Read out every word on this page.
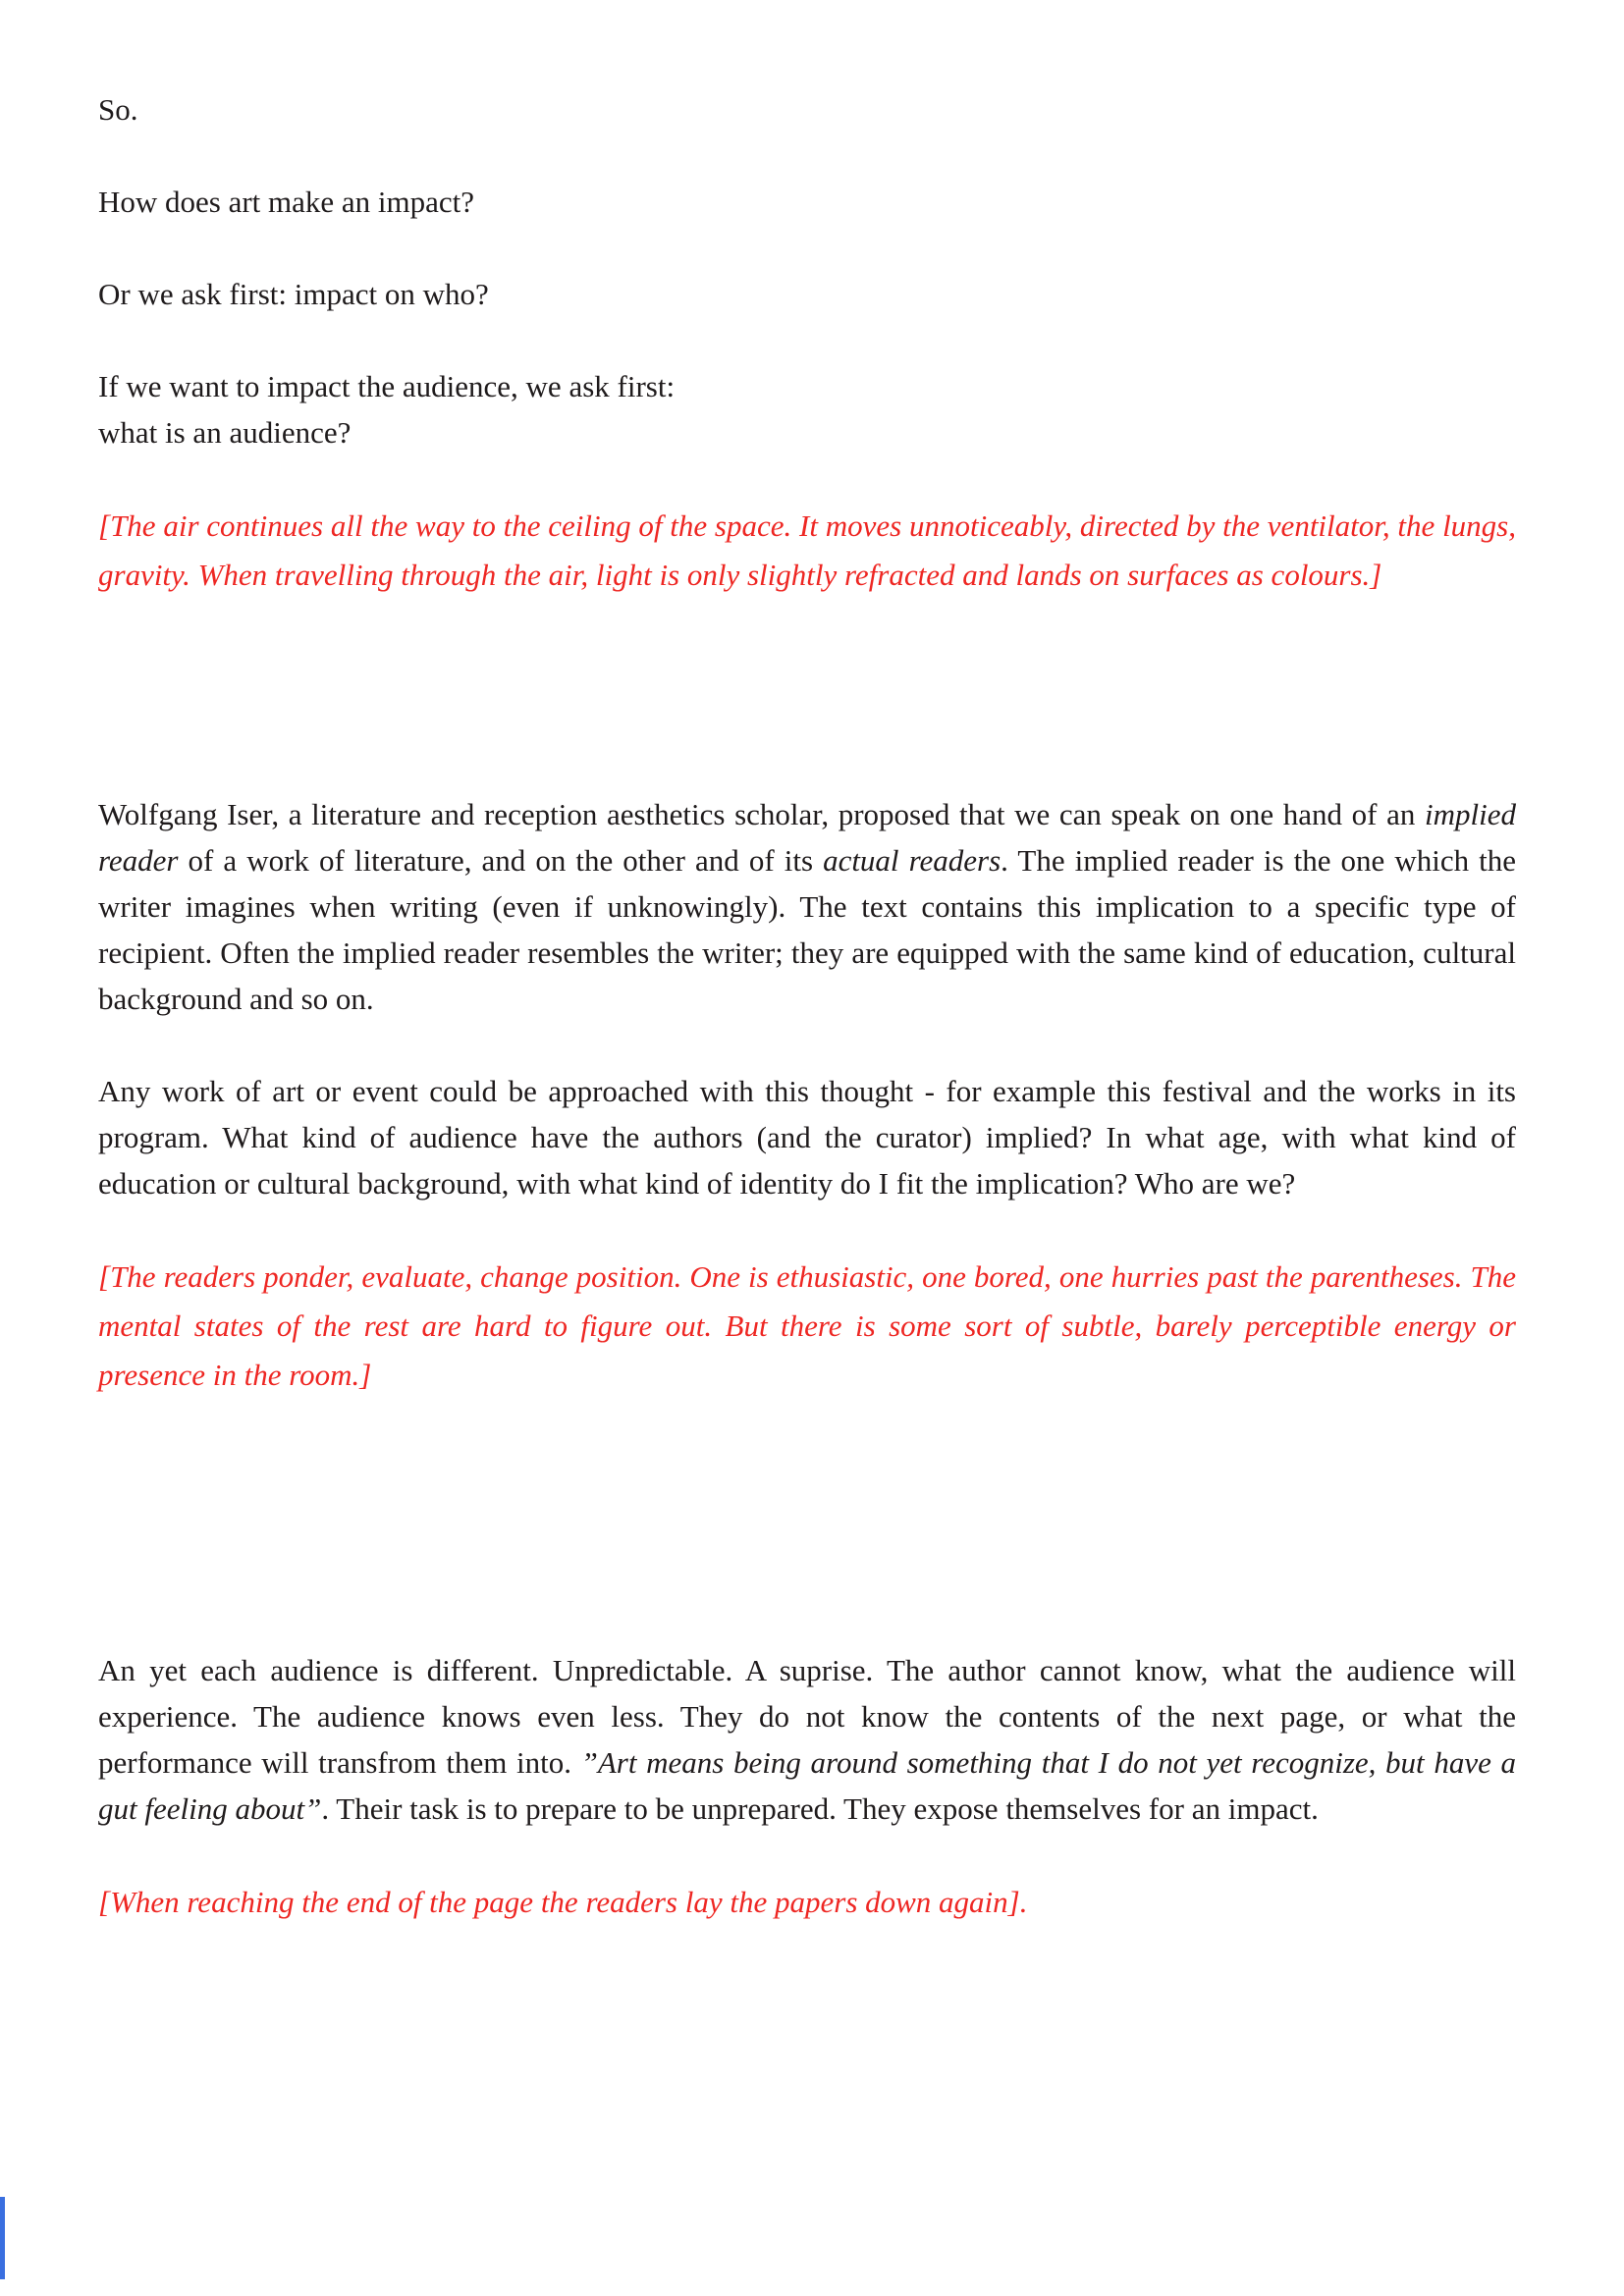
So.

How does art make an impact?

Or we ask first: impact on who?

If we want to impact the audience, we ask first:
what is an audience?

[The air continues all the way to the ceiling of the space. It moves unnoticeably, directed by the ventilator, the lungs, gravity. When travelling through the air, light is only slightly refracted and lands on surfaces as colours.]

Wolfgang Iser, a literature and reception aesthetics scholar, proposed that we can speak on one hand of an implied reader of a work of literature, and on the other and of its actual readers. The implied reader is the one which the writer imagines when writing (even if unknowingly). The text contains this implication to a specific type of recipient. Often the implied reader resembles the writer; they are equipped with the same kind of education, cultural background and so on.

Any work of art or event could be approached with this thought - for example this festival and the works in its program. What kind of audience have the authors (and the curator) implied? In what age, with what kind of education or cultural background, with what kind of identity do I fit the implication? Who are we?

[The readers ponder, evaluate, change position. One is ethusiastic, one bored, one hurries past the parentheses. The mental states of the rest are hard to figure out. But there is some sort of subtle, barely perceptible energy or presence in the room.]

An yet each audience is different. Unpredictable. A suprise. The author cannot know, what the audience will experience. The audience knows even less. They do not know the contents of the next page, or what the performance will transfrom them into. ”Art means being around something that I do not yet recognize, but have a gut feeling about”. Their task is to prepare to be unprepared. They expose themselves for an impact.

[When reaching the end of the page the readers lay the papers down again].
